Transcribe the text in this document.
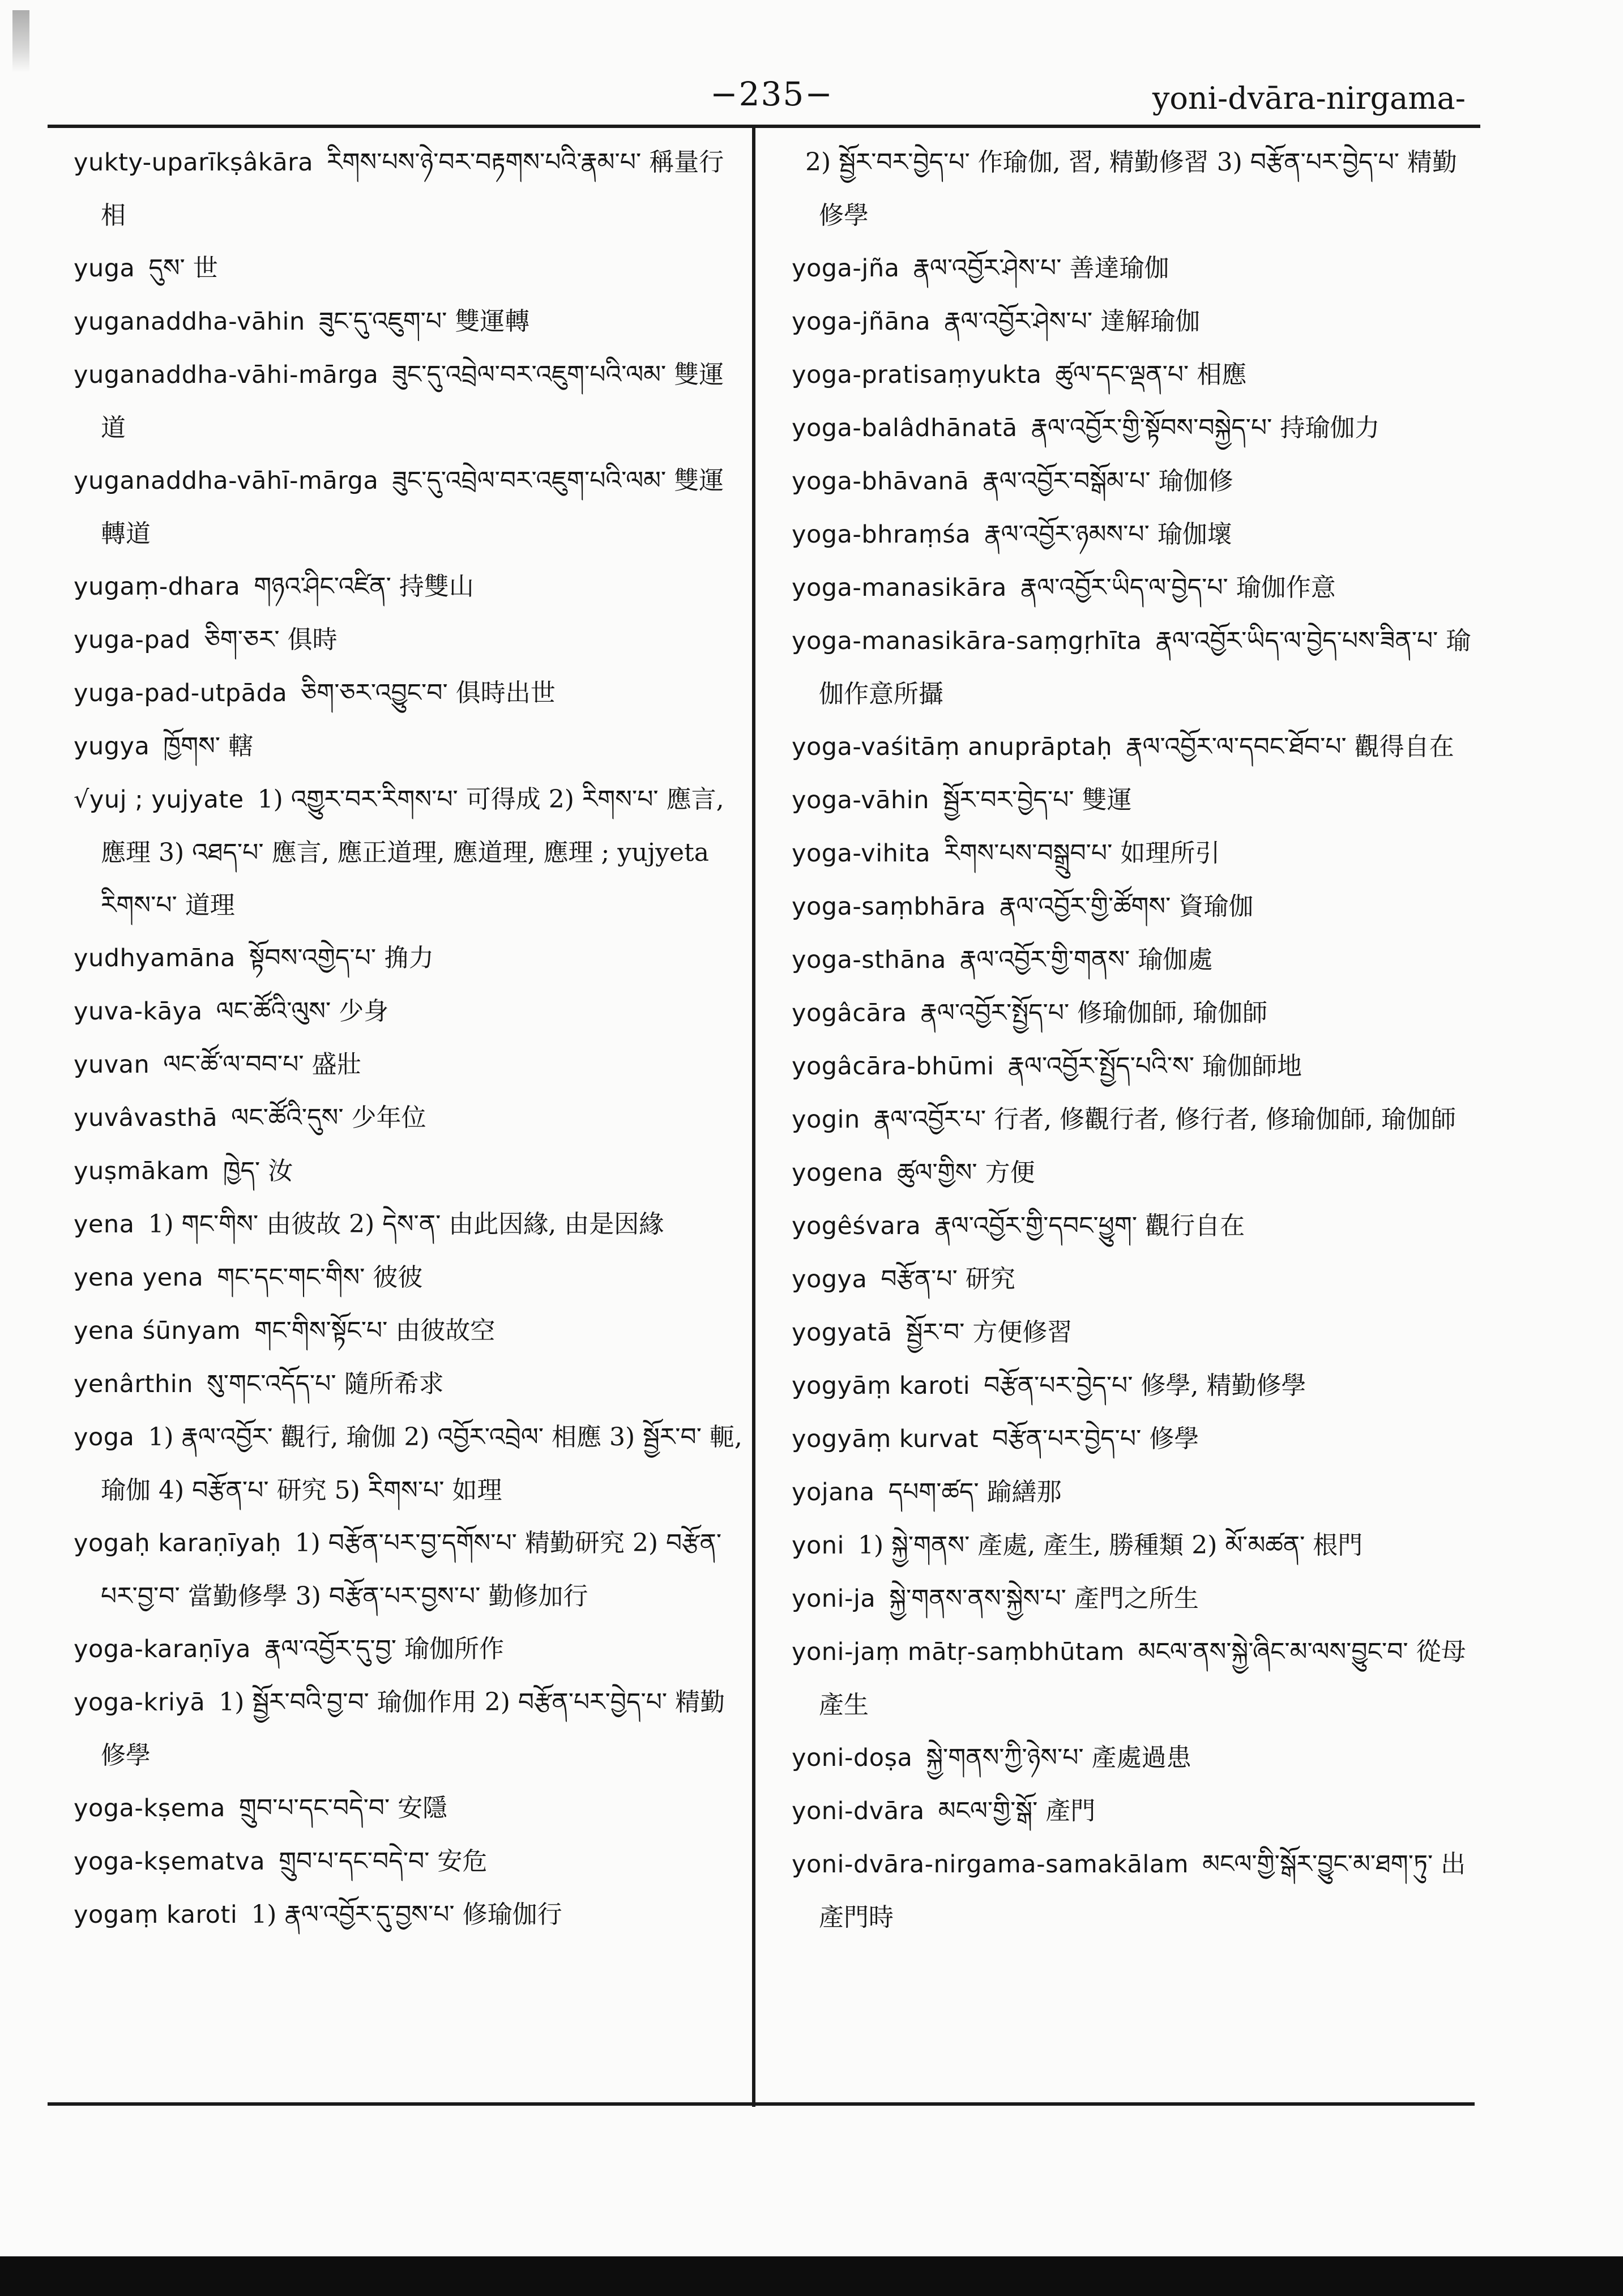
−235−	yoni-dvāra-nirgama-
yukty-uparīkṣâkāra རིགས་པས་ཉེ་བར་བརྟགས་པའི་རྣམ་པ་ 稱量行相
yuga དུས་ 世
yuganaddha-vāhin ཟུང་དུ་འཇུག་པ་ 雙運轉
yuganaddha-vāhi-mārga ཟུང་དུ་འབྲེལ་བར་འཇུག་པའི་ལམ་ 雙運道
yuganaddha-vāhī-mārga ཟུང་དུ་འབྲེལ་བར་འཇུག་པའི་ལམ་ 雙運轉道
yugaṃ-dhara གཉའ་ཤིང་འཛིན་ 持雙山
yuga-pad ཅིག་ཅར་ 俱時
yuga-pad-utpāda ཅིག་ཅར་འབྱུང་བ་ 俱時出世
yugya ཁྱོགས་ 轄
√yuj ; yujyate 1) འགྱུར་བར་རིགས་པ་ 可得成 2) རིགས་པ་ 應言, 應理 3) འཐད་པ་ 應言, 應正道理, 應道理, 應理 ; yujyeta རིགས་པ་ 道理
yudhyamāna སྟོབས་འགྱེད་པ་ 捔力
yuva-kāya ལང་ཚོའི་ལུས་ 少身
yuvan ལང་ཚོ་ལ་བབ་པ་ 盛壯
yuvâvasthā ལང་ཚོའི་དུས་ 少年位
yuṣmākam ཁྱེད་ 汝
yena 1) གང་གིས་ 由彼故 2) དེས་ན་ 由此因緣, 由是因緣
yena yena གང་དང་གང་གིས་ 彼彼
yena śūnyam གང་གིས་སྟོང་པ་ 由彼故空
yenârthin སུ་གང་འདོད་པ་ 隨所希求
yoga 1) རྣལ་འབྱོར་ 觀行, 瑜伽 2) འབྱོར་འབྲེལ་ 相應 3) སྦྱོར་བ་ 軛, 瑜伽 4) བརྩོན་པ་ 研究 5) རིགས་པ་ 如理
yogaḥ karaṇīyaḥ 1) བརྩོན་པར་བྱ་དགོས་པ་ 精勤研究 2) བརྩོན་པར་བྱ་བ་ 當勤修學 3) བརྩོན་པར་བྱས་པ་ 勤修加行
yoga-karaṇīya རྣལ་འབྱོར་དུ་བྱ་ 瑜伽所作
yoga-kriyā 1) སྦྱོར་བའི་བྱ་བ་ 瑜伽作用 2) བརྩོན་པར་བྱེད་པ་ 精勤修學
yoga-kṣema གྲུབ་པ་དང་བདེ་བ་ 安隱
yoga-kṣematva གྲུབ་པ་དང་བདེ་བ་ 安危
yogaṃ karoti 1) རྣལ་འབྱོར་དུ་བྱས་པ་ 修瑜伽行
2) སྦྱོར་བར་བྱེད་པ་ 作瑜伽, 習, 精勤修習 3) བརྩོན་པར་བྱེད་པ་ 精勤修學
yoga-jña རྣལ་འབྱོར་ཤེས་པ་ 善達瑜伽
yoga-jñāna རྣལ་འབྱོར་ཤེས་པ་ 達解瑜伽
yoga-pratisaṃyukta ཚུལ་དང་ལྡན་པ་ 相應
yoga-balâdhānatā རྣལ་འབྱོར་གྱི་སྟོབས་བསྐྱེད་པ་ 持瑜伽力
yoga-bhāvanā རྣལ་འབྱོར་བསྒོམ་པ་ 瑜伽修
yoga-bhraṃśa རྣལ་འབྱོར་ཉམས་པ་ 瑜伽壞
yoga-manasikāra རྣལ་འབྱོར་ཡིད་ལ་བྱེད་པ་ 瑜伽作意
yoga-manasikāra-saṃgṛhīta རྣལ་འབྱོར་ཡིད་ལ་བྱེད་པས་ཟིན་པ་ 瑜伽作意所攝
yoga-vaśitāṃ anuprāptaḥ རྣལ་འབྱོར་ལ་དབང་ཐོབ་པ་ 觀得自在
yoga-vāhin སྦྱོར་བར་བྱེད་པ་ 雙運
yoga-vihita རིགས་པས་བསྒྲུབ་པ་ 如理所引
yoga-saṃbhāra རྣལ་འབྱོར་གྱི་ཚོགས་ 資瑜伽
yoga-sthāna རྣལ་འབྱོར་གྱི་གནས་ 瑜伽處
yogâcāra རྣལ་འབྱོར་སྤྱོད་པ་ 修瑜伽師, 瑜伽師
yogâcāra-bhūmi རྣལ་འབྱོར་སྤྱོད་པའི་ས་ 瑜伽師地
yogin རྣལ་འབྱོར་པ་ 行者, 修觀行者, 修行者, 修瑜伽師, 瑜伽師
yogena ཚུལ་གྱིས་ 方便
yogêśvara རྣལ་འབྱོར་གྱི་དབང་ཕྱུག་ 觀行自在
yogya བརྩོན་པ་ 研究
yogyatā སྦྱོར་བ་ 方便修習
yogyāṃ karoti བརྩོན་པར་བྱེད་པ་ 修學, 精勤修學
yogyāṃ kurvat བརྩོན་པར་བྱེད་པ་ 修學
yojana དཔག་ཚད་ 踰繕那
yoni 1) སྐྱེ་གནས་ 產處, 產生, 勝種類 2) མོ་མཚན་ 根門
yoni-ja སྐྱེ་གནས་ནས་སྐྱེས་པ་ 產門之所生
yoni-jaṃ mātṛ-saṃbhūtam མངལ་ནས་སྐྱེ་ཞིང་མ་ལས་བྱུང་བ་ 從母產生
yoni-doṣa སྐྱེ་གནས་ཀྱི་ཉེས་པ་ 產處過患
yoni-dvāra མངལ་གྱི་སྒོ་ 產門
yoni-dvāra-nirgama-samakālam མངལ་གྱི་སྒོར་བྱུང་མ་ཐག་ཏུ་ 出產門時
